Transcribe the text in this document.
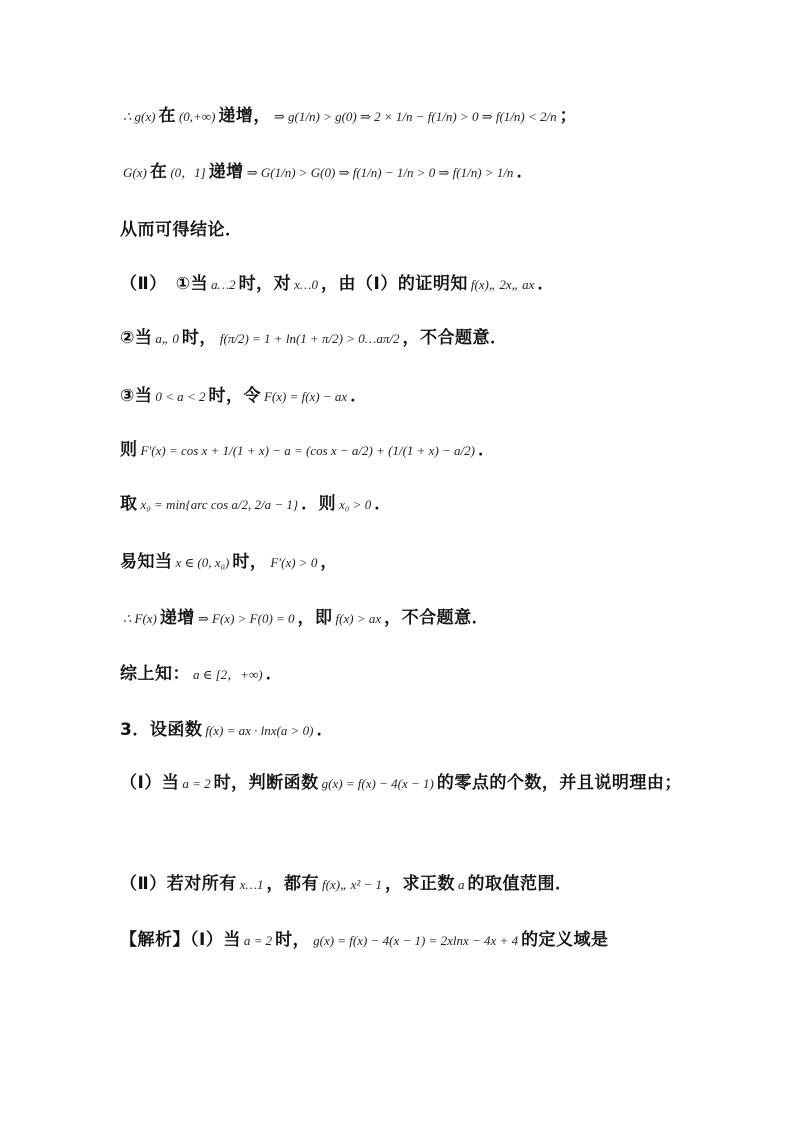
∴ g(x) 在 (0,+∞) 递增， ⇒ g(1/n) > g(0) ⇒ 2 × 1/n − f(1/n) > 0 ⇒ f(1/n) < 2/n ；
G(x) 在 (0，1] 递增 ⇒ G(1/n) > G(0) ⇒ f(1/n) − 1/n > 0 ⇒ f(1/n) > 1/n ．
从而可得结论．
（Ⅱ）　①当 a…2 时，对 x…0 ，由（Ⅰ）的证明知 f(x)„ 2x„ ax ．
②当 a„ 0 时， f(π/2) = 1 + ln(1 + π/2) > 0…aπ/2 ，不合题意．
③当 0 < a < 2 时，令 F(x) = f(x) − ax ．
则 F′(x) = cos x + 1/(1 + x) − a = (cos x − a/2) + (1/(1 + x) − a/2) ．
取 x₀ = min{arc cos a/2, 2/a − 1} ．则 x₀ > 0 ．
易知当 x ∈ (0, x₀) 时， F′(x) > 0 ，
∴ F(x) 递增 ⇒ F(x) > F(0) = 0 ，即 f(x) > ax ，不合题意．
综上知： a ∈ [2，+∞) ．
3．设函数 f(x) = ax · lnx(a > 0) ．
（Ⅰ）当 a = 2 时，判断函数 g(x) = f(x) − 4(x − 1) 的零点的个数，并且说明理由；
（Ⅱ）若对所有 x…1 ，都有 f(x)„ x² − 1 ，求正数 a 的取值范围．
【解析】（Ⅰ）当 a = 2 时， g(x) = f(x) − 4(x − 1) = 2xlnx − 4x + 4 的定义域是
